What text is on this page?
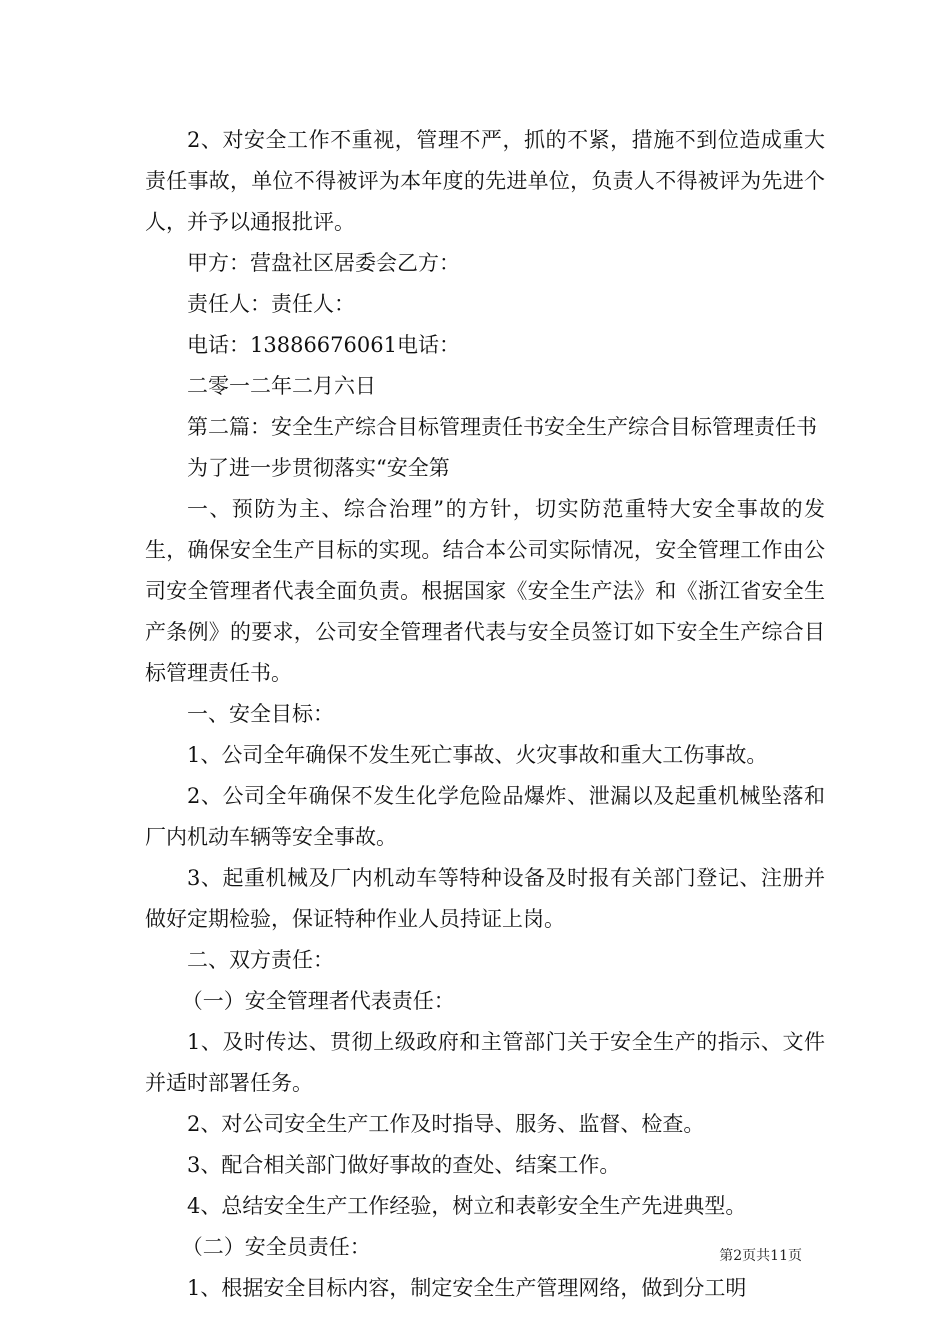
2、对安全工作不重视，管理不严，抓的不紧，措施不到位造成重大责任事故，单位不得被评为本年度的先进单位，负责人不得被评为先进个人，并予以通报批评。

甲方：营盘社区居委会乙方：

责任人：责任人：

电话：13886676061电话：

二零一二年二月六日

第二篇：安全生产综合目标管理责任书安全生产综合目标管理责任书

为了进一步贯彻落实“安全第

一、预防为主、综合治理”的方针，切实防范重特大安全事故的发生，确保安全生产目标的实现。结合本公司实际情况，安全管理工作由公司安全管理者代表全面负责。根据国家《安全生产法》和《浙江省安全生产条例》的要求，公司安全管理者代表与安全员签订如下安全生产综合目标管理责任书。

一、安全目标：

1、公司全年确保不发生死亡事故、火灾事故和重大工伤事故。

2、公司全年确保不发生化学危险品爆炸、泄漏以及起重机械坠落和厂内机动车辆等安全事故。

3、起重机械及厂内机动车等特种设备及时报有关部门登记、注册并做好定期检验，保证特种作业人员持证上岗。

二、双方责任：

（一）安全管理者代表责任：

1、及时传达、贯彻上级政府和主管部门关于安全生产的指示、文件并适时部署任务。

2、对公司安全生产工作及时指导、服务、监督、检查。

3、配合相关部门做好事故的查处、结案工作。

4、总结安全生产工作经验，树立和表彰安全生产先进典型。

（二）安全员责任：

1、根据安全目标内容，制定安全生产管理网络，做到分工明

第2页共11页
